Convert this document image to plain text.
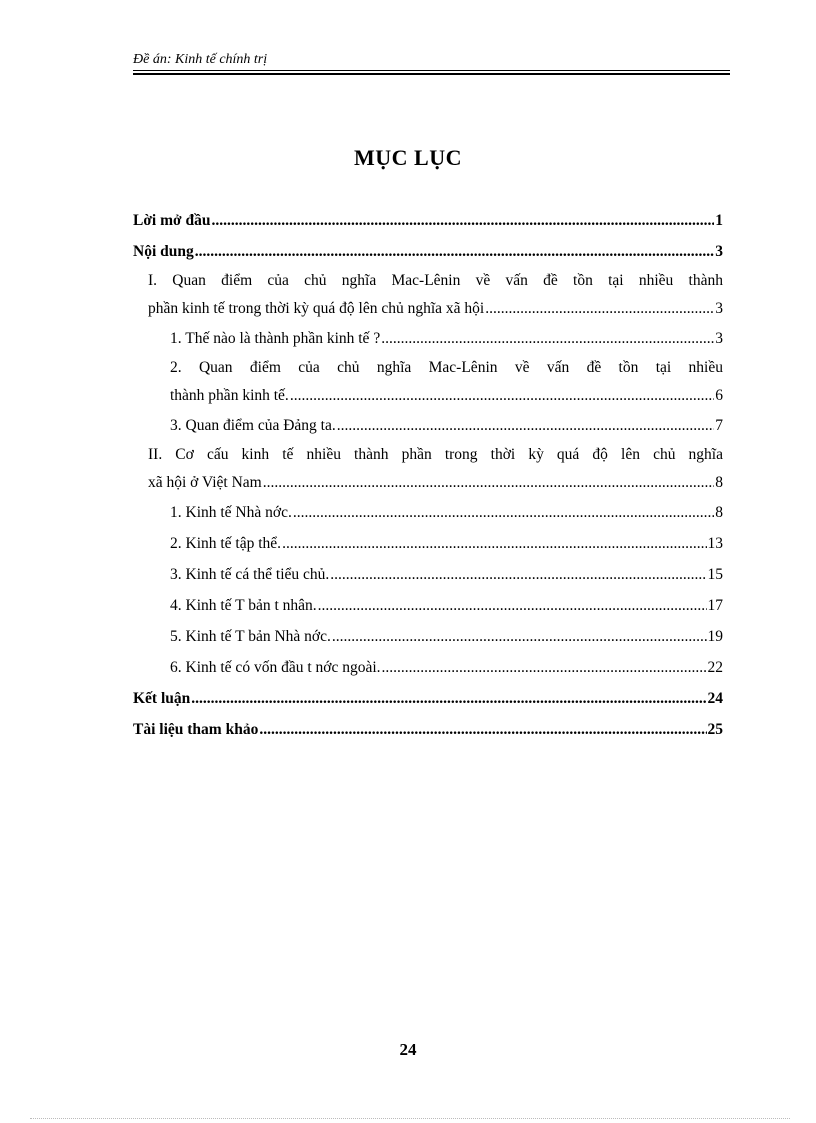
Đề án: Kinh tế chính trị
MỤC LỤC
Lời mở đầu .....	1
Nội dung .....	3
I. Quan điểm của chủ nghĩa Mac-Lênin về vấn đề tồn tại nhiều thành
phần kinh tế trong thời kỳ quá độ lên chủ nghĩa xã hội .....	3
1. Thế nào là thành phần kinh tế ? .....	3
2. Quan điểm của chủ nghĩa Mac-Lênin về vấn đề tồn tại nhiều
thành phần kinh tế. .....	6
3. Quan điểm của Đảng ta. .....	7
II. Cơ cấu kinh tế nhiều thành phần trong thời kỳ quá độ lên chủ nghĩa
xã hội ở Việt Nam .....	8
1. Kinh tế Nhà nớc. .....	8
2. Kinh tế tập thể. .....	13
3. Kinh tế cá thể tiểu chủ. .....	15
4. Kinh tế T bản t nhân. .....	17
5. Kinh tế T bản Nhà nớc. .....	19
6. Kinh tế có vốn đầu t nớc ngoài. .....	22
Kết luận .....	24
Tài liệu tham khảo .....	25
24
